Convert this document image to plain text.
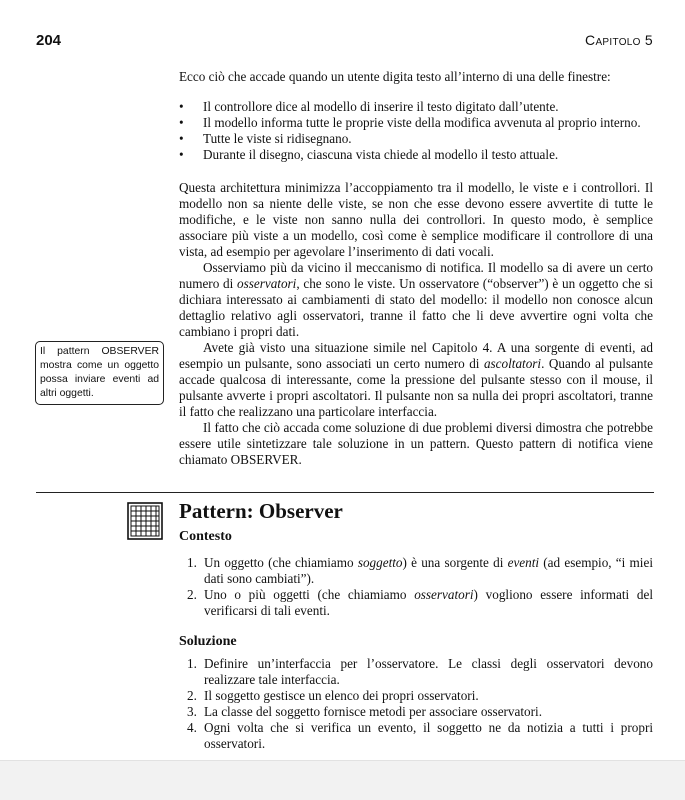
204	Capitolo 5
Ecco ciò che accade quando un utente digita testo all’interno di una delle finestre:
• Il controllore dice al modello di inserire il testo digitato dall’utente.
• Il modello informa tutte le proprie viste della modifica avvenuta al proprio interno.
• Tutte le viste si ridisegnano.
• Durante il disegno, ciascuna vista chiede al modello il testo attuale.

Questa architettura minimizza l’accoppiamento tra il modello, le viste e i controllori. Il modello non sa niente delle viste, se non che esse devono essere avvertite di tutte le modifiche, e le viste non sanno nulla dei controllori. In questo modo, è semplice associare più viste a un modello, così come è semplice modificare il controllore di una vista, ad esempio per agevolare l’inserimento di dati vocali.

Osserviamo più da vicino il meccanismo di notifica. Il modello sa di avere un certo numero di osservatori, che sono le viste. Un osservatore (“observer”) è un oggetto che si dichiara interessato ai cambiamenti di stato del modello: il modello non conosce alcun dettaglio relativo agli osservatori, tranne il fatto che li deve avvertire ogni volta che cambiano i propri dati.

Avete già visto una situazione simile nel Capitolo 4. A una sorgente di eventi, ad esempio un pulsante, sono associati un certo numero di ascoltatori. Quando al pulsante accade qualcosa di interessante, come la pressione del pulsante stesso con il mouse, il pulsante avverte i propri ascoltatori. Il pulsante non sa nulla dei propri ascoltatori, tranne il fatto che realizzano una particolare interfaccia.

Il fatto che ciò accada come soluzione di due problemi diversi dimostra che potrebbe essere utile sintetizzare tale soluzione in un pattern. Questo pattern di notifica viene chiamato OBSERVER.

Il pattern OBSERVER mostra come un oggetto possa inviare eventi ad altri oggetti.
Pattern: Observer
Contesto
1. Un oggetto (che chiamiamo soggetto) è una sorgente di eventi (ad esempio, “i miei dati sono cambiati”).
2. Uno o più oggetti (che chiamiamo osservatori) vogliono essere informati del verificarsi di tali eventi.
Soluzione
1. Definire un’interfaccia per l’osservatore. Le classi degli osservatori devono realizzare tale interfaccia.
2. Il soggetto gestisce un elenco dei propri osservatori.
3. La classe del soggetto fornisce metodi per associare osservatori.
4. Ogni volta che si verifica un evento, il soggetto ne da notizia a tutti i propri osservatori.
